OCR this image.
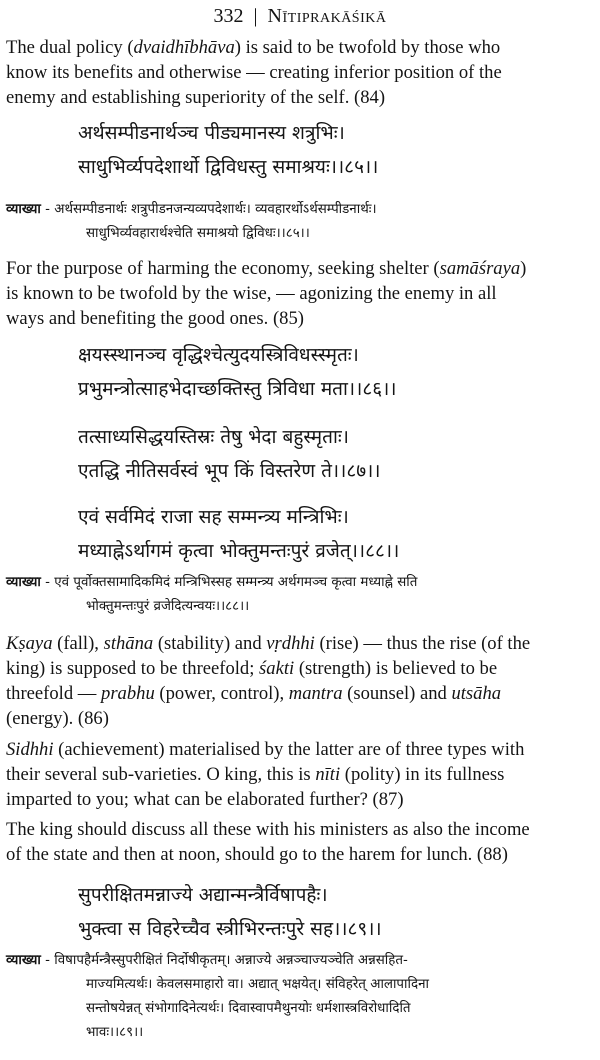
332 | Nītiprakāśikā
The dual policy (dvaidhībhāva) is said to be twofold by those who
know its benefits and otherwise — creating inferior position of the
enemy and establishing superiority of the self. (84)
अर्थसम्पीडनार्थञ्च पीड्यमानस्य शत्रुभिः।
साधुभिर्व्यपदेशार्थो द्विविधस्तु समाश्रयः।।८५।।
व्याख्या - अर्थसम्पीडनार्थः शत्रुपीडनजन्यव्यपदेशार्थः। व्यवहारर्थोऽर्थसम्पीडनार्थः।
साधुभिर्व्यवहारार्थश्चेति समाश्रयो द्विविधः।।८५।।
For the purpose of harming the economy, seeking shelter (samāśraya)
is known to be twofold by the wise, — agonizing the enemy in all
ways and benefiting the good ones. (85)
क्षयस्स्थानञ्च वृद्धिश्चेत्युदयस्त्रिविधस्स्मृतः।
प्रभुमन्त्रोत्साहभेदाच्छक्तिस्तु त्रिविधा मता।।८६।।
तत्साध्यसिद्धयस्तिस्रः तेषु भेदा बहुस्मृताः।
एतद्धि नीतिसर्वस्वं भूप किं विस्तरेण ते।।८७।।
एवं सर्वमिदं राजा सह सम्मन्त्र्य मन्त्रिभिः।
मध्याह्नेऽर्थागमं कृत्वा भोक्तुमन्तःपुरं व्रजेत्।।८८।।
व्याख्या - एवं पूर्वोक्तसामादिकमिदं मन्त्रिभिस्सह सम्मन्त्र्य अर्थगमञ्च कृत्वा मध्याह्ने सति
भोक्तुमन्तःपुरं व्रजेदित्यन्वयः।।८८।।
Kṣaya (fall), sthāna (stability) and vṛdhhi (rise) — thus the rise (of the
king) is supposed to be threefold; śakti (strength) is believed to be
threefold — prabhu (power, control), mantra (sounsel) and utsāha
(energy). (86)
Sidhhi (achievement) materialised by the latter are of three types with
their several sub-varieties. O king, this is nīti (polity) in its fullness
imparted to you; what can be elaborated further? (87)
The king should discuss all these with his ministers as also the income
of the state and then at noon, should go to the harem for lunch. (88)
सुपरीक्षितमन्नाज्ये अद्यान्मन्त्रैर्विषापहैः।
भुक्त्वा स विहरेच्चैव स्त्रीभिरन्तःपुरे सह।।८९।।
व्याख्या - विषापहैर्मन्त्रैस्सुपरीक्षितं निर्दोषीकृतम्। अन्नाज्ये अन्नञ्चाज्यञ्चेति अन्नसहित-
माज्यमित्यर्थः। केवलसमाहारो वा। अद्यात् भक्षयेत्। संविहरेत् आलापादिना
सन्तोषयेन्नत् संभोगादिनेत्यर्थः। दिवास्वापमैथुनयोः धर्मशास्त्रविरोधादिति
भावः।।८९।।
